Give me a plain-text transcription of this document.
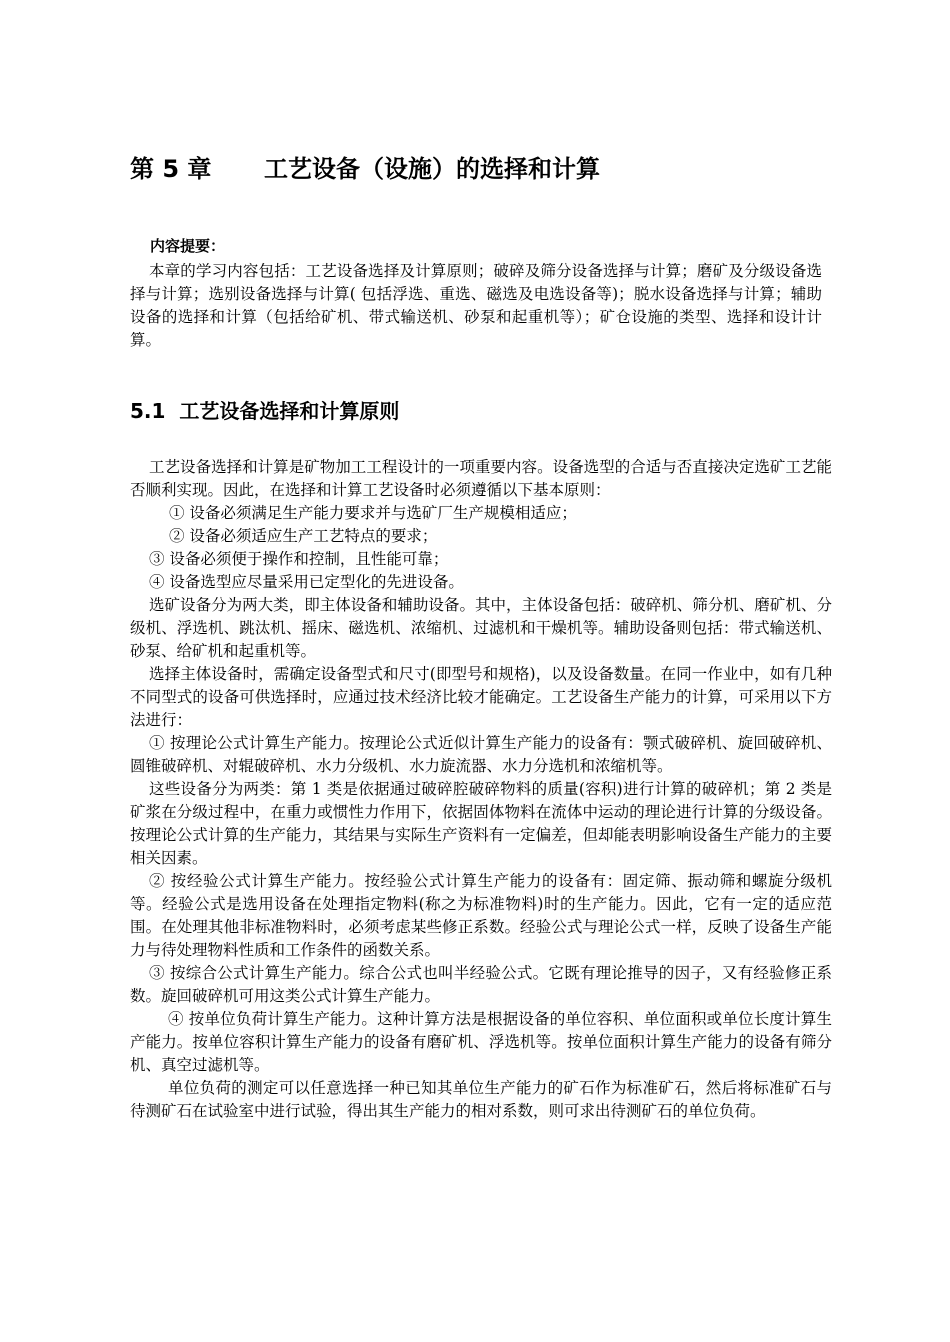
第 5 章 工艺设备（设施）的选择和计算
内容提要：
本章的学习内容包括：工艺设备选择及计算原则；破碎及筛分设备选择与计算；磨矿及分级设备选择与计算；选别设备选择与计算( 包括浮选、重选、磁选及电选设备等)；脱水设备选择与计算；辅助设备的选择和计算（包括给矿机、带式输送机、砂泵和起重机等）；矿仓设施的类型、选择和设计计算。
5.1 工艺设备选择和计算原则

工艺设备选择和计算是矿物加工工程设计的一项重要内容。设备选型的合适与否直接决定选矿工艺能否顺利实现。因此，在选择和计算工艺设备时必须遵循以下基本原则：

① 设备必须满足生产能力要求并与选矿厂生产规模相适应；

② 设备必须适应生产工艺特点的要求；

③ 设备必须便于操作和控制，且性能可靠；

④ 设备选型应尽量采用已定型化的先进设备。

选矿设备分为两大类，即主体设备和辅助设备。其中，主体设备包括：破碎机、筛分机、磨矿机、分级机、浮选机、跳汰机、摇床、磁选机、浓缩机、过滤机和干燥机等。辅助设备则包括：带式输送机、砂泵、给矿机和起重机等。

选择主体设备时，需确定设备型式和尺寸(即型号和规格)，以及设备数量。在同一作业中，如有几种不同型式的设备可供选择时，应通过技术经济比较才能确定。工艺设备生产能力的计算，可采用以下方法进行：

① 按理论公式计算生产能力。按理论公式近似计算生产能力的设备有：颚式破碎机、旋回破碎机、圆锥破碎机、对辊破碎机、水力分级机、水力旋流器、水力分选机和浓缩机等。

这些设备分为两类：第 1 类是依据通过破碎腔破碎物料的质量(容积)进行计算的破碎机；第 2 类是矿浆在分级过程中，在重力或惯性力作用下，依据固体物料在流体中运动的理论进行计算的分级设备。按理论公式计算的生产能力，其结果与实际生产资料有一定偏差，但却能表明影响设备生产能力的主要相关因素。

② 按经验公式计算生产能力。按经验公式计算生产能力的设备有：固定筛、振动筛和螺旋分级机等。经验公式是选用设备在处理指定物料(称之为标准物料)时的生产能力。因此，它有一定的适应范围。在处理其他非标准物料时，必须考虑某些修正系数。经验公式与理论公式一样，反映了设备生产能力与待处理物料性质和工作条件的函数关系。

③ 按综合公式计算生产能力。综合公式也叫半经验公式。它既有理论推导的因子，又有经验修正系数。旋回破碎机可用这类公式计算生产能力。

④ 按单位负荷计算生产能力。这种计算方法是根据设备的单位容积、单位面积或单位长度计算生产能力。按单位容积计算生产能力的设备有磨矿机、浮选机等。按单位面积计算生产能力的设备有筛分机、真空过滤机等。

单位负荷的测定可以任意选择一种已知其单位生产能力的矿石作为标准矿石，然后将标准矿石与待测矿石在试验室中进行试验，得出其生产能力的相对系数，则可求出待测矿石的单位负荷。
